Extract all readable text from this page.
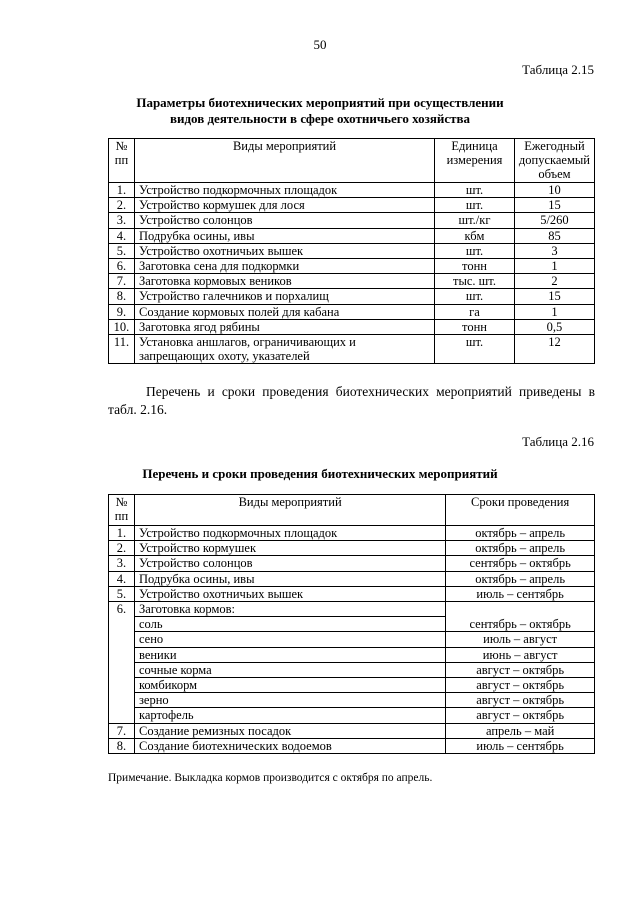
50
Таблица 2.15
Параметры биотехнических мероприятий при осуществлении
видов деятельности в сфере охотничьего хозяйства
№ пп	Виды мероприятий	Единица измерения	Ежегодный допускаемый объем
1.	Устройство подкормочных площадок	шт.	10
2.	Устройство кормушек для лося	шт.	15
3.	Устройство солонцов	шт./кг	5/260
4.	Подрубка осины, ивы	кбм	85
5.	Устройство охотничьих вышек	шт.	3
6.	Заготовка сена для подкормки	тонн	1
7.	Заготовка кормовых веников	тыс. шт.	2
8.	Устройство галечников и порхалищ	шт.	15
9.	Создание кормовых полей для кабана	га	1
10.	Заготовка ягод рябины	тонн	0,5
11.	Установка аншлагов, ограничивающих и запрещающих охоту, указателей	шт.	12
Перечень и сроки проведения биотехнических мероприятий приведены в табл. 2.16.
Таблица 2.16
Перечень и сроки проведения биотехнических мероприятий
№ пп	Виды мероприятий	Сроки проведения
1.	Устройство подкормочных площадок	октябрь – апрель
2.	Устройство кормушек	октябрь – апрель
3.	Устройство солонцов	сентябрь – октябрь
4.	Подрубка осины, ивы	октябрь – апрель
5.	Устройство охотничьих вышек	июль – сентябрь
6.	Заготовка кормов:	
	соль	сентябрь – октябрь
	сено	июль – август
	веники	июнь – август
	сочные корма	август – октябрь
	комбикорм	август – октябрь
	зерно	август – октябрь
	картофель	август – октябрь
7.	Создание ремизных посадок	апрель – май
8.	Создание биотехнических водоемов	июль – сентябрь
Примечание. Выкладка кормов производится с октября по апрель.
